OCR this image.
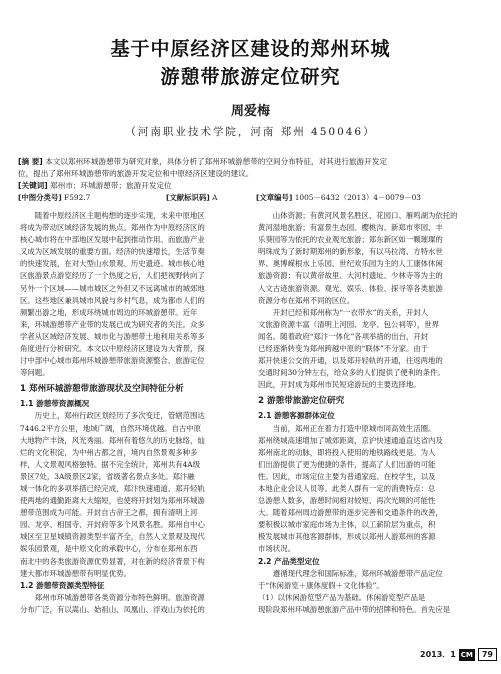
基于中原经济区建设的郑州环城
游憩带旅游定位研究
周爱梅
（河南职业技术学院，河南 郑州 450046）
[摘 要] 本文以郑州环城游憩带为研究对象，具体分析了郑州环城游憩带的空间分布特征，对其进行旅游开发定
位，提出了郑州环城游憩带的旅游开发定位和中原经济区建设的建议。
[关键词] 郑州市；环城游憩带；旅游开发定位
[中图分类号] F592.7	[文献标识码] A	[文章编号] 1005－6432（2013）4－0079－03

随着中原经济区主题构想的逐步实现，未来中原地区

将成为带动区域经济发展的焦点。郑州作为中原经济区的

核心城市将在中部地区发展中起到推动作用。而旅游产业

又成为区域发展的重要方面。经济的快速增长，生活节奏

的快速发展，在对大型山水景观、历史遗迹、城市核心地

区旅游景点游览经历了一个热度之后，人们把视野转向了

另外一个区域——城市城区之外但又不远离城市的城郊地

区。这些地区兼具城市风貌与乡村气息，成为都市人们的

频繁出游之地，形成环绕城市周边的环城游憩带。近年

来，环城游憩带产业带的发展已成为研究者的关注。众多

学者从区域经济发展、城市化与游憩带土地利用关系等多

角度进行分析研究。本文以中原经济区建设为大背景，探

讨中部中心城市郑州环城游憩带旅游资源整合、旅游定位

等问题。

1 郑州环城游憩带旅游现状及空间特征分析
1.1 游憩带资源概况

历史上，郑州行政区划经历了多次变迁，管辖范围达

7446.2平方公里，地域广阔，自然环境优越。自古中原

大地物产丰饶，风光秀丽。郑州有着悠久的历史脉络，灿

烂的文化积淀，为中州古都之首，境内自然景观多种多

样，人文景观风格独特。据不完全统计，郑州共有4A级

景区7处，3A级景区2家，省级著名景点多处。郑汴融

城一体化的多项举措已经完成，郑汴快速通道、郑开轻轨

使两地的通勤距离大大缩短，也使将开封划为郑州环城游

憩带范围成为可能。开封自古帝王之都，拥有清明上河

园、龙亭、相国寺、开封府等多个风景名胜。郑州自中心

城区至卫星城镇资源类型丰富齐全，自然人文景观及现代

娱乐园景观，是中原文化的承载中心，分布在郑州东西

南北中的各类旅游资源优势显著，对在新的经济背景下构

建大都市环城游憩带有明显优势。

1.2 游憩带资源类型特征

郑州市环城游憩带各类资源分布特色鲜明。旅游资源

分布广泛，有以嵩山、始祖山、凤凰山、浮戏山为依托的

山体资源；有黄河风景名胜区、花园口、雁鸣湖为依托的

黄河湿地旅游；有富景生态园、樱桃沟、新郑市枣园、丰

乐葵园等为依托的农业观光旅游；郑东新区如一颗璀璨的

明珠成为了新时期郑州的新形象，有以马拉湾、方特水世

界、奥博嵘根水上乐园、世纪欢乐园为主的人工康体休闲

旅游资源；有以黄帝故里、大河村遗址、少林寺等为主的

人文古迹旅游资源。观光、娱乐、体验、探寻等各类旅游

资源分布在郑州不同的区位。

开封已经和郑州称为“一衣带水”的关系，开封人

文旅游资源丰富（清明上河园、龙亭、包公祠等），世界

闻名。随着政府“郑汴一体化”各项举措的出台，开封

已经逐渐转变为郑州跨越中原的“联体”不分家。由于

郑开快速公交的开通，以及郑开轻轨的开通，往返两地的

交通时间30分钟左右，给众多的人们提供了便利的条件。

因此，开封成为郑州市民短途游玩的主要选择地。

2 游憩带旅游定位研究
2.1 游憩客源群体定位

当前，郑州正在着力打造中原城市同高效生活圈。

郑州绕城高速增加了城郊距离，京沪快速通道直达省内及

郑州南北的动脉，即将投入使用的地铁路线更是。为人

们出游提供了更为便捷的条件，提高了人们出游的可能

性。因此，市场定位主要为普通家庭、在校学生，以及

本地企业会议人员等。此类人群有一定的消费特点：总

总游憩人数多，游憩时间相对较短、再次光顾的可能性

大。随着郑州周边游憩带的逐步完善和交通条件的改善，

要积极以城市家庭市场为主体，以工薪阶层为重点，积

极发展城市其他客源群体，形成以郑州人游郑州的客源

市场状况。

2.2 产品类型定位

遵循现代理念和国际标准，郑州环城游憩带产品定位

于“休闲游览＋康体度假＋文化体验”。

（1）以休闲游览型产品为基础。休闲游览型产品是

现阶段郑州环城游憩旅游产品中带的招牌和特色。首先应是

2013．1 CM	79
